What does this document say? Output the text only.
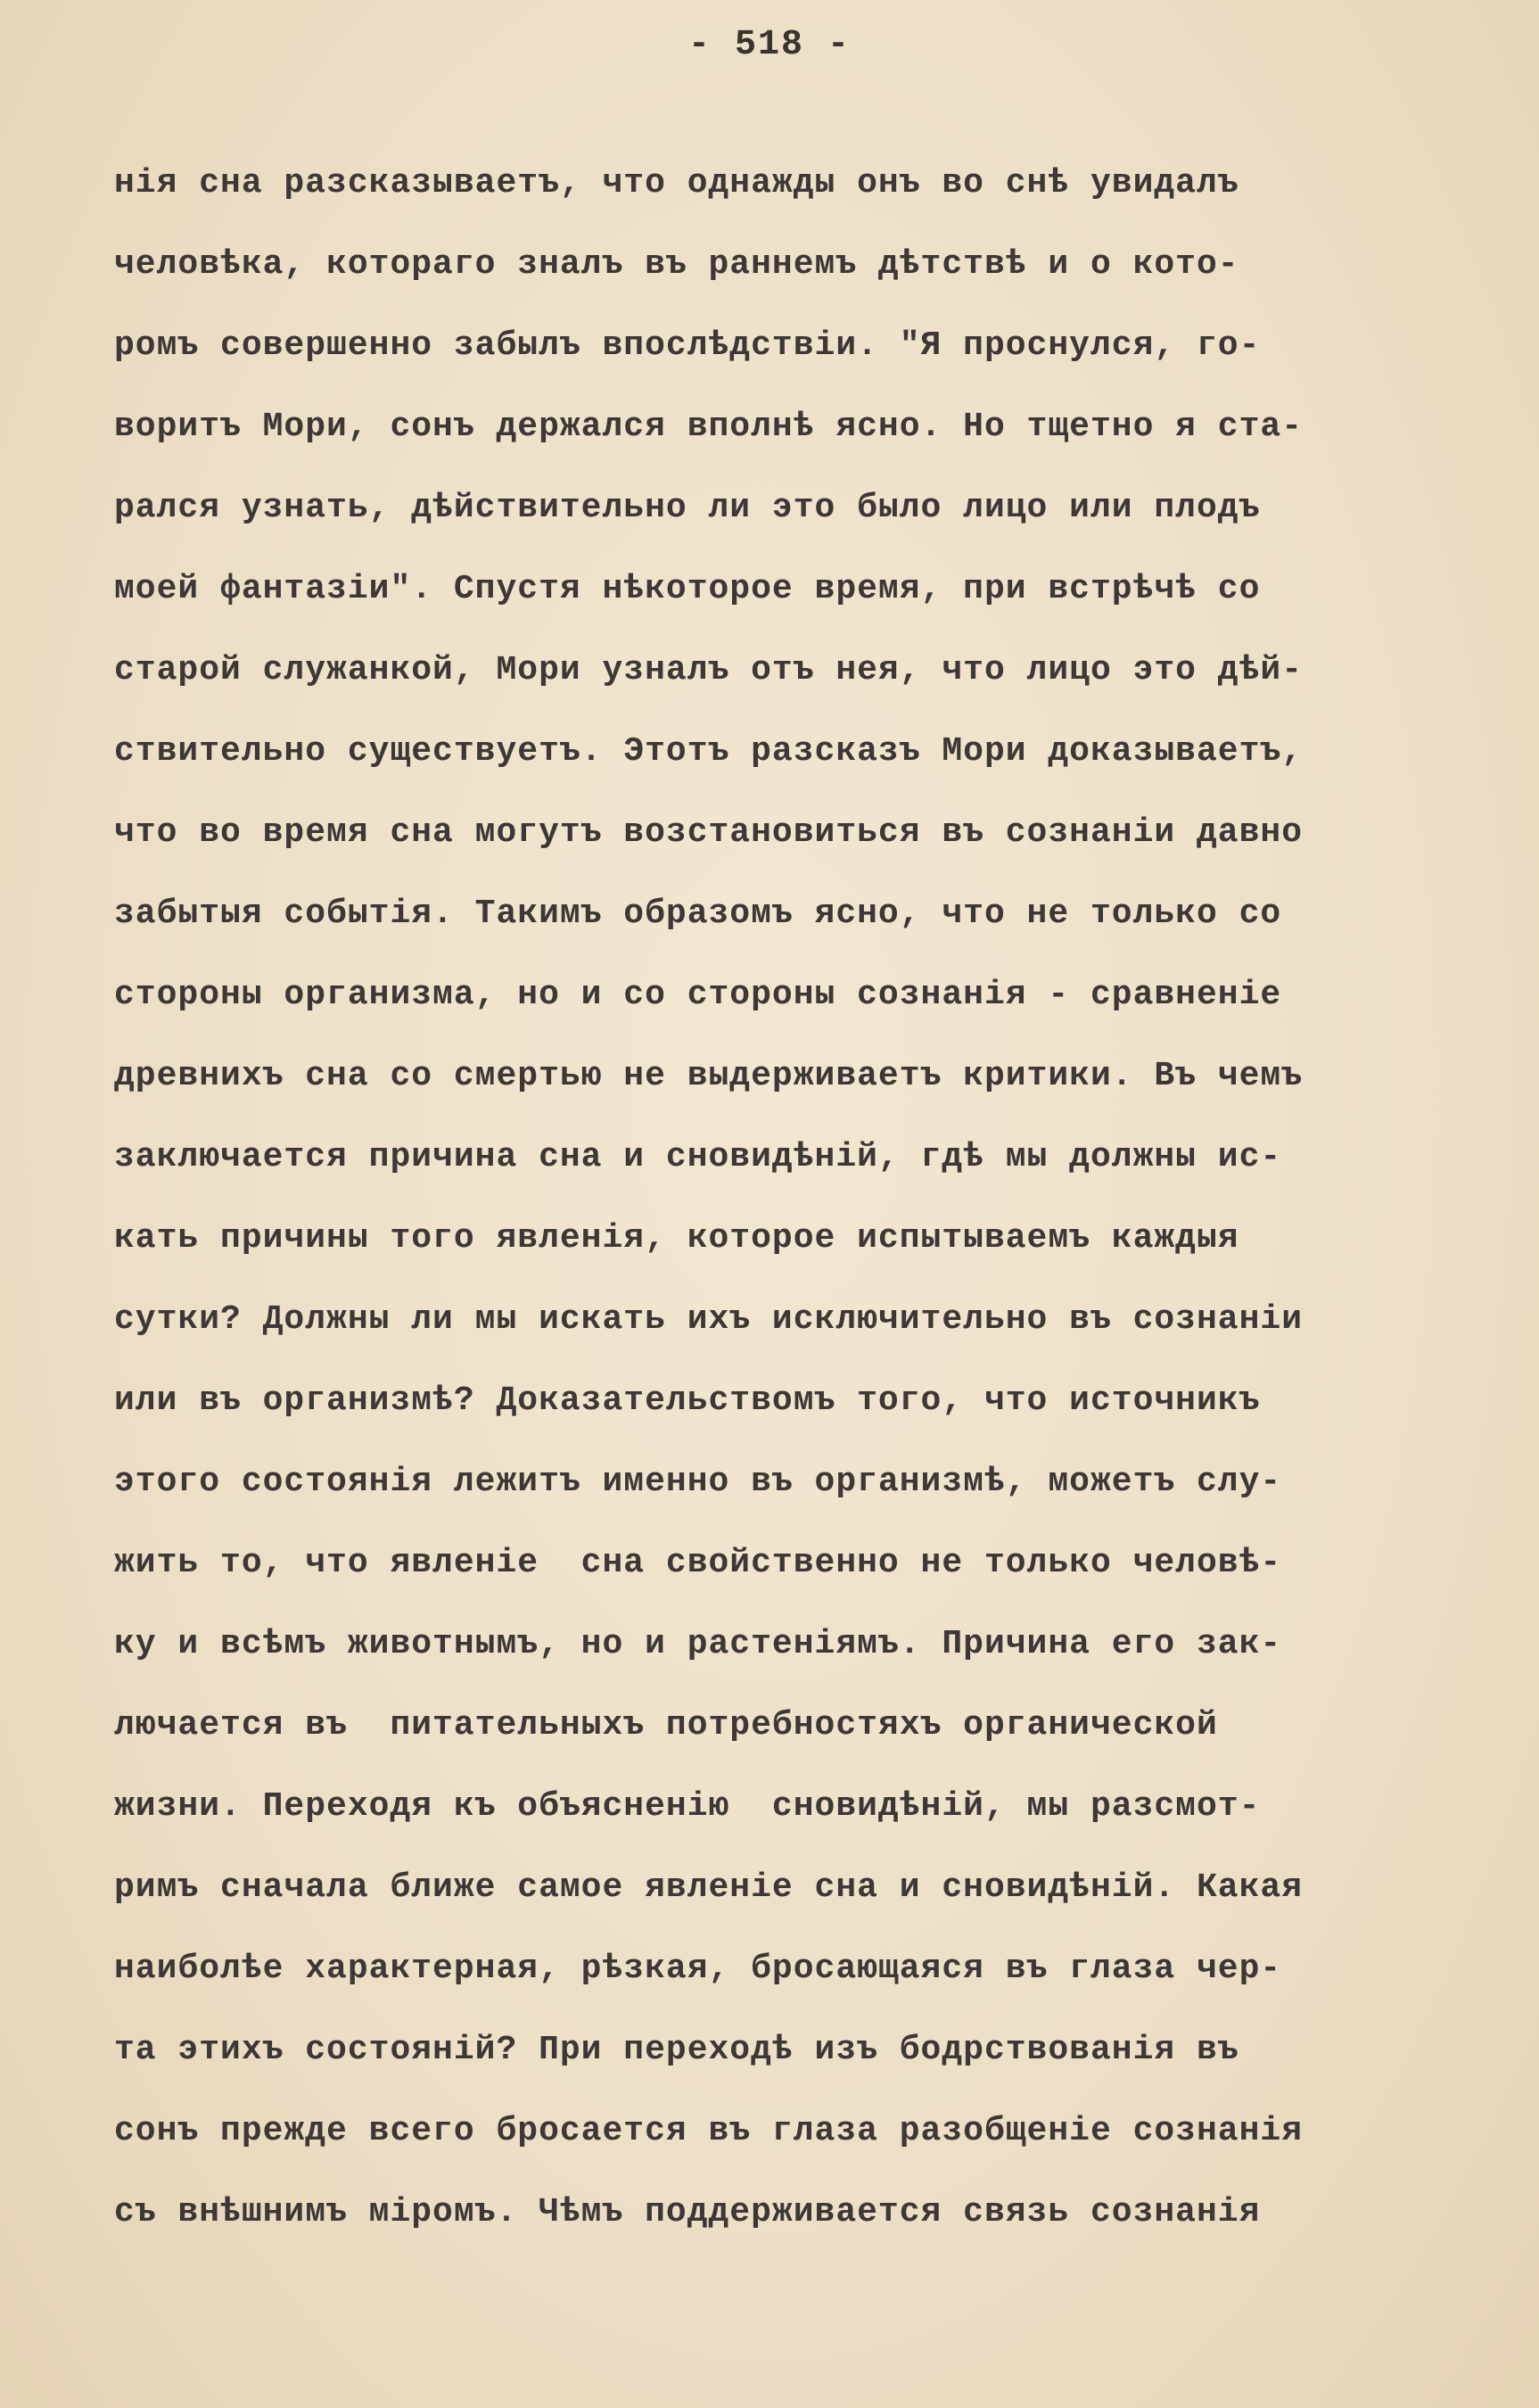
- 518 -
нія сна разсказываетъ, что однажды онъ во снѣ увидалъ
человѣка, котораго зналъ въ раннемъ дѣтствѣ и о кото-
ромъ совершенно забылъ впослѣдствіи. "Я проснулся, го-
воритъ Мори, сонъ держался вполнѣ ясно. Но тщетно я ста-
рался узнать, дѣйствительно ли это было лицо или плодъ
моей фантазіи". Спустя нѣкоторое время, при встрѣчѣ со
старой служанкой, Мори узналъ отъ нея, что лицо это дѣй-
ствительно существуетъ. Этотъ разсказъ Мори доказываетъ,
что во время сна могутъ возстановиться въ сознаніи давно
забытыя событія. Такимъ образомъ ясно, что не только со
стороны организма, но и со стороны сознанія - сравненіе
древнихъ сна со смертью не выдерживаетъ критики. Въ чемъ
заключается причина сна и сновидѣній, гдѣ мы должны ис-
кать причины того явленія, которое испытываемъ каждыя
сутки? Должны ли мы искать ихъ исключительно въ сознаніи
или въ организмѣ? Доказательствомъ того, что источникъ
этого состоянія лежитъ именно въ организмѣ, можетъ слу-
жить то, что явленіе  сна свойственно не только человѣ-
ку и всѣмъ животнымъ, но и растеніямъ. Причина его зак-
лючается въ  питательныхъ потребностяхъ органической
жизни. Переходя къ объясненію  сновидѣній, мы разсмот-
римъ сначала ближе самое явленіе сна и сновидѣній. Какая
наиболѣе характерная, рѣзкая, бросающаяся въ глаза чер-
та этихъ состояній? При переходѣ изъ бодрствованія въ
сонъ прежде всего бросается въ глаза разобщеніе сознанія
съ внѣшнимъ міромъ. Чѣмъ поддерживается связь сознанія
